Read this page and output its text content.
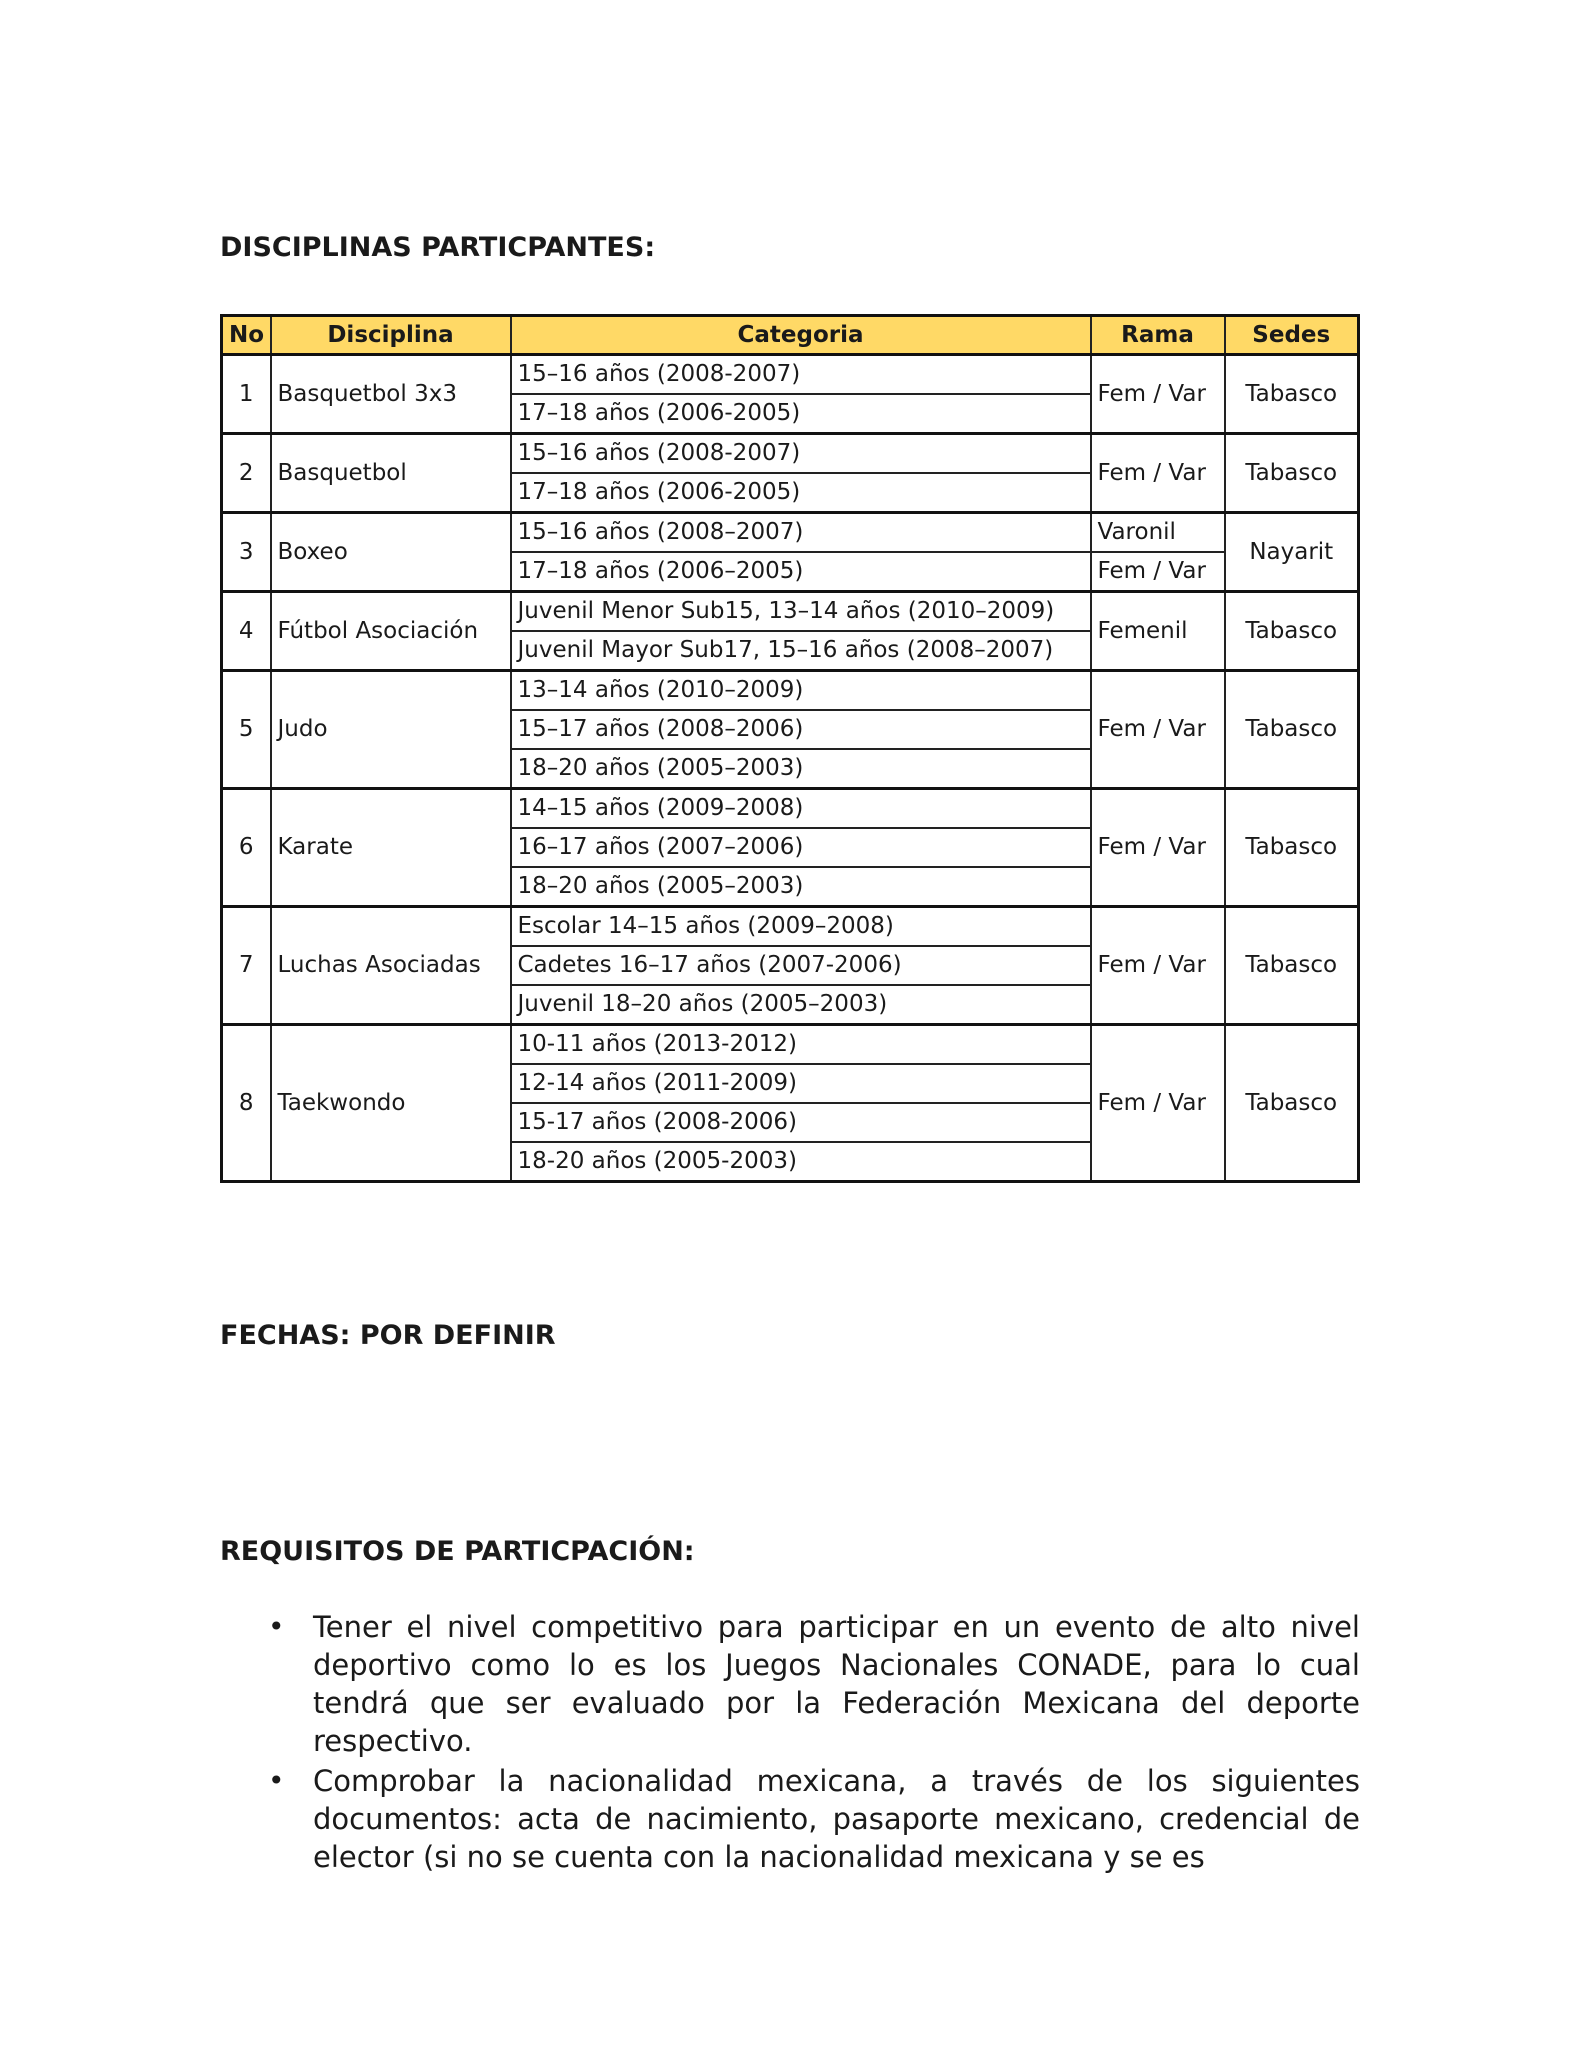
DISCIPLINAS PARTICPANTES:
No	Disciplina	Categoria	Rama	Sedes
1	Basquetbol 3x3	15–16 años (2008-2007)	Fem / Var	Tabasco
		17–18 años (2006-2005)		
2	Basquetbol	15–16 años (2008-2007)	Fem / Var	Tabasco
		17–18 años (2006-2005)		
3	Boxeo	15–16 años (2008–2007)	Varonil	Nayarit
		17–18 años (2006–2005)	Fem / Var	
4	Fútbol Asociación	Juvenil Menor Sub15, 13–14 años (2010–2009)	Femenil	Tabasco
		Juvenil Mayor Sub17, 15–16 años (2008–2007)		
5	Judo	13–14 años (2010–2009)	Fem / Var	Tabasco
		15–17 años (2008–2006)		
		18–20 años (2005–2003)		
6	Karate	14–15 años (2009–2008)	Fem / Var	Tabasco
		16–17 años (2007–2006)		
		18–20 años (2005–2003)		
7	Luchas Asociadas	Escolar 14–15 años (2009–2008)	Fem / Var	Tabasco
		Cadetes 16–17 años (2007-2006)		
		Juvenil 18–20 años (2005–2003)		
8	Taekwondo	10-11 años (2013-2012)	Fem / Var	Tabasco
		12-14 años (2011-2009)		
		15-17 años (2008-2006)		
		18-20 años (2005-2003)		
FECHAS: POR DEFINIR
REQUISITOS DE PARTICPACIÓN:
• Tener el nivel competitivo para participar en un evento de alto nivel deportivo como lo es los Juegos Nacionales CONADE, para lo cual tendrá que ser evaluado por la Federación Mexicana del deporte respectivo.
• Comprobar la nacionalidad mexicana, a través de los siguientes documentos: acta de nacimiento, pasaporte mexicano, credencial de elector (si no se cuenta con la nacionalidad mexicana y se es
